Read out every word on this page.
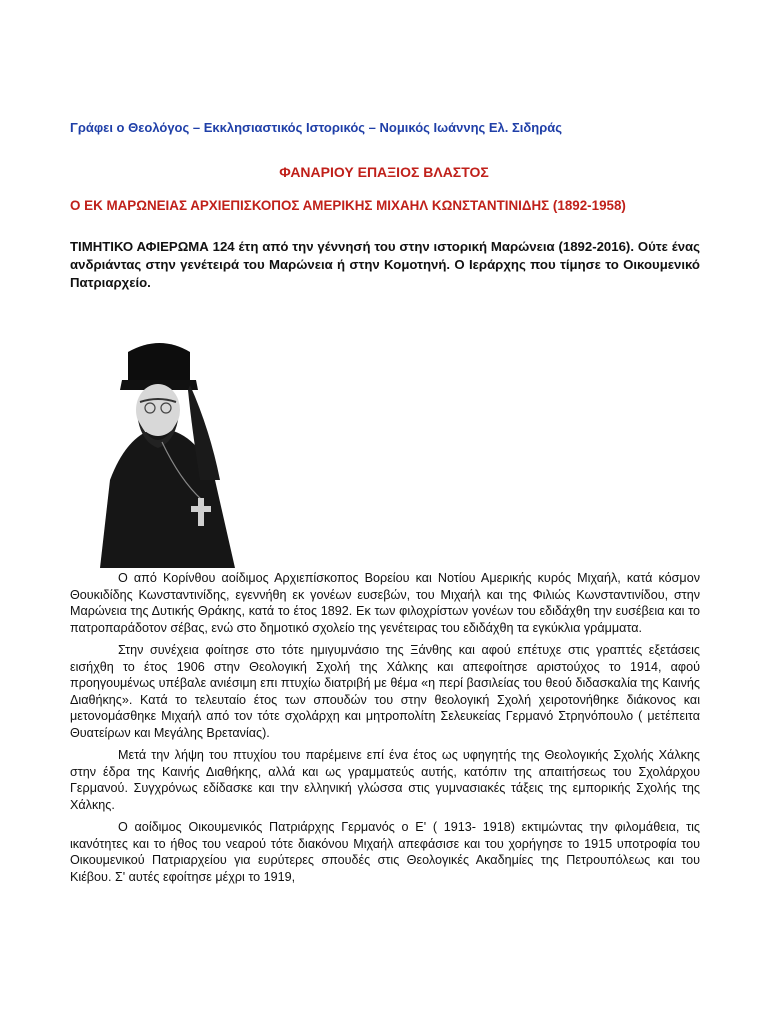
Γράφει ο Θεολόγος – Εκκλησιαστικός Ιστορικός – Νομικός Ιωάννης Ελ. Σιδηράς
ΦΑΝΑΡΙΟΥ ΕΠΑΞΙΟΣ ΒΛΑΣΤΟΣ
Ο ΕΚ ΜΑΡΩΝΕΙΑΣ ΑΡΧΙΕΠΙΣΚΟΠΟΣ ΑΜΕΡΙΚΗΣ ΜΙΧΑΗΛ ΚΩΝΣΤΑΝΤΙΝΙΔΗΣ (1892-1958)
ΤΙΜΗΤΙΚΟ ΑΦΙΕΡΩΜΑ 124 έτη από την γέννησή του στην ιστορική Μαρώνεια (1892-2016). Ούτε ένας ανδριάντας στην γενέτειρά του Μαρώνεια ή στην Κομοτηνή. Ο Ιεράρχης που τίμησε το Οικουμενικό Πατριαρχείο.

Ο από Κορίνθου αοίδιμος Αρχιεπίσκοπος Βορείου και Νοτίου Αμερικής κυρός Μιχαήλ, κατά κόσμον Θουκιδίδης Κωνσταντινίδης, εγεννήθη εκ γονέων ευσεβών, του Μιχαήλ και της Φιλιώς Κωνσταντινίδου, στην Μαρώνεια της Δυτικής Θράκης, κατά το έτος 1892. Εκ των φιλοχρίστων γονέων του εδιδάχθη την ευσέβεια και το πατροπαράδοτον σέβας, ενώ στο δημοτικό σχολείο της γενέτειρας του εδιδάχθη τα εγκύκλια γράμματα.

Στην συνέχεια φοίτησε στο τότε ημιγυμνάσιο της Ξάνθης και αφού επέτυχε στις γραπτές εξετάσεις εισήχθη το έτος 1906 στην Θεολογική Σχολή της Χάλκης και απεφοίτησε αριστούχος το 1914, αφού προηγουμένως υπέβαλε ανιέσιμη επι πτυχίω διατριβή με θέμα «η περί βασιλείας του θεού διδασκαλία της Καινής Διαθήκης». Κατά το τελευταίο έτος των σπουδών του στην θεολογική Σχολή χειροτονήθηκε διάκονος και μετονομάσθηκε Μιχαήλ από τον τότε σχολάρχη και μητροπολίτη Σελευκείας Γερμανό Στρηνόπουλο ( μετέπειτα Θυατείρων και Μεγάλης Βρετανίας).

Μετά την λήψη του πτυχίου του παρέμεινε επί ένα έτος ως υφηγητής της Θεολογικής Σχολής Χάλκης στην έδρα της Καινής Διαθήκης, αλλά και ως γραμματεύς αυτής, κατόπιν της απαιτήσεως του Σχολάρχου Γερμανού. Συγχρόνως εδίδασκε και την ελληνική γλώσσα στις γυμνασιακές τάξεις της εμπορικής Σχολής της Χάλκης.

Ο αοίδιμος Οικουμενικός Πατριάρχης Γερμανός ο Ε' ( 1913- 1918) εκτιμώντας την φιλομάθεια, τις ικανότητες και το ήθος του νεαρού τότε διακόνου Μιχαήλ απεφάσισε και του χορήγησε το 1915 υποτροφία του Οικουμενικού Πατριαρχείου για ευρύτερες σπουδές στις Θεολογικές Ακαδημίες της Πετρουπόλεως και του Κιέβου. Σ' αυτές εφοίτησε μέχρι το 1919,
